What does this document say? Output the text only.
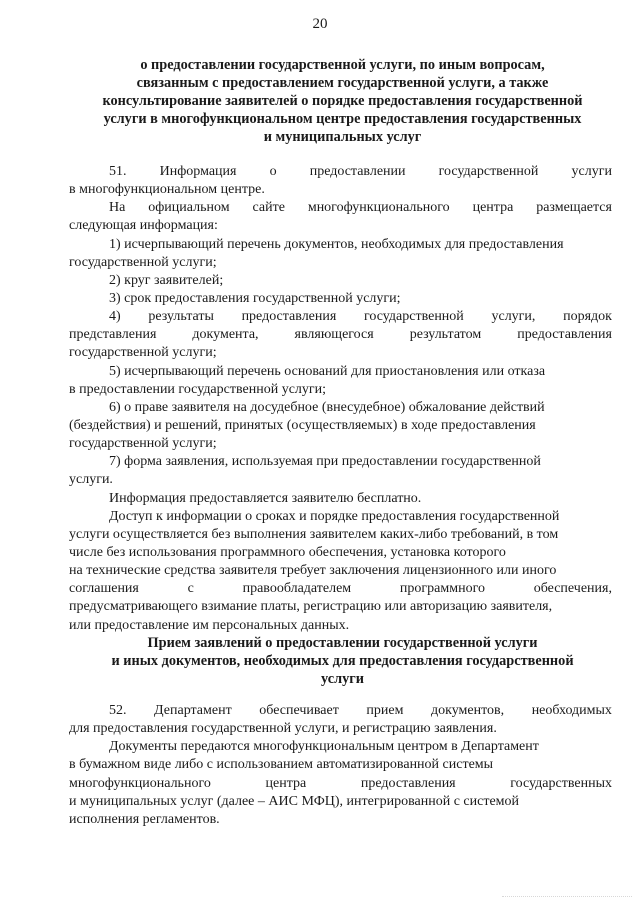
20
о предоставлении государственной услуги, по иным вопросам,
связанным с предоставлением государственной услуги, а также
консультирование заявителей о порядке предоставления государственной
услуги в многофункциональном центре предоставления государственных
и муниципальных услуг
51. Информация о предоставлении государственной услуги
в многофункциональном центре.
На официальном сайте многофункционального центра размещается
следующая информация:
1) исчерпывающий перечень документов, необходимых для предоставления
государственной услуги;
2) круг заявителей;
3) срок предоставления государственной услуги;
4) результаты предоставления государственной услуги, порядок
представления	документа,	являющегося	результатом	предоставления
государственной услуги;
5) исчерпывающий перечень оснований для приостановления или отказа
в предоставлении государственной услуги;
6) о праве заявителя на досудебное (внесудебное) обжалование действий
(бездействия) и решений, принятых (осуществляемых) в ходе предоставления
государственной услуги;
7) форма заявления, используемая при предоставлении государственной
услуги.
Информация предоставляется заявителю бесплатно.
Доступ к информации о сроках и порядке предоставления государственной
услуги осуществляется без выполнения заявителем каких-либо требований, в том
числе без использования программного обеспечения, установка которого
на технические средства заявителя требует заключения лицензионного или иного
соглашения	с	правообладателем	программного	обеспечения,
предусматривающего взимание платы, регистрацию или авторизацию заявителя,
или предоставление им персональных данных.
Прием заявлений о предоставлении государственной услуги
и иных документов, необходимых для предоставления государственной
услуги
52. Департамент обеспечивает прием документов, необходимых
для предоставления государственной услуги, и регистрацию заявления.
Документы передаются многофункциональным центром в Департамент
в бумажном виде либо с использованием автоматизированной системы
многофункционального	центра	предоставления	государственных
и муниципальных услуг (далее – АИС МФЦ), интегрированной с системой
исполнения регламентов.
